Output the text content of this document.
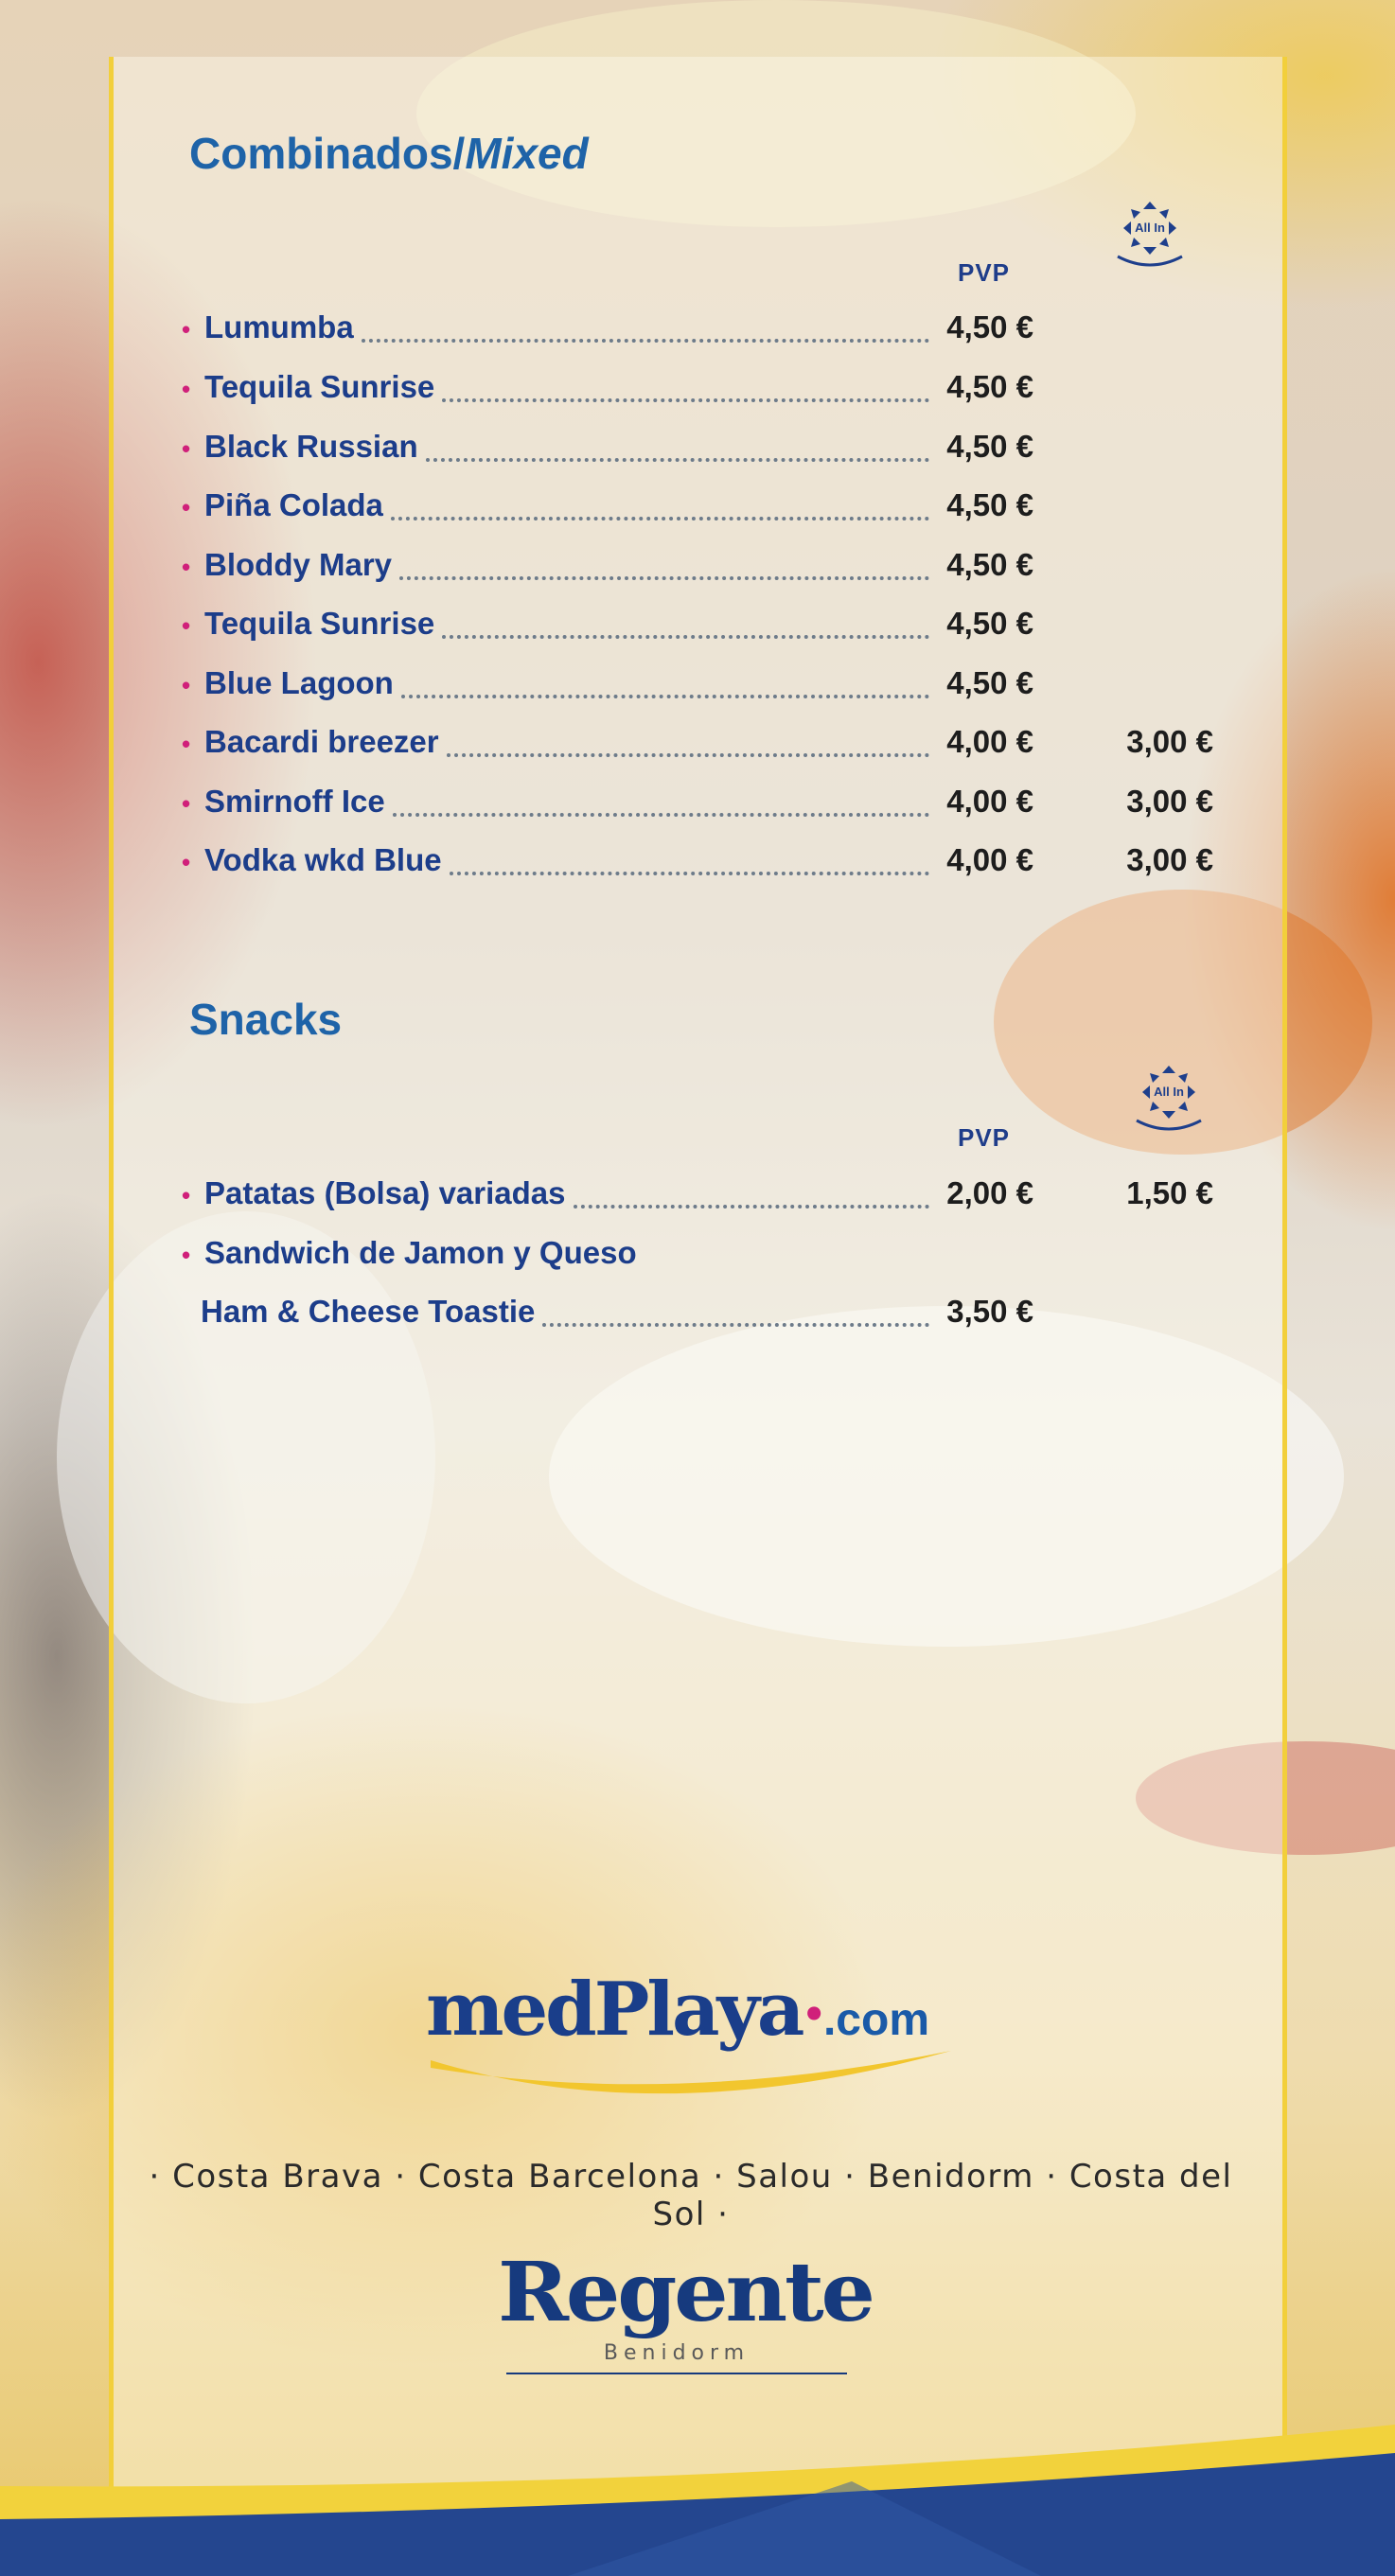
Combinados/Mixed
All In
PVP
• Lumumba	4,50 €
• Tequila Sunrise	4,50 €
• Black Russian	4,50 €
• Piña Colada	4,50 €
• Bloddy Mary	4,50 €
• Tequila Sunrise	4,50 €
• Blue Lagoon	4,50 €
• Bacardi breezer	4,00 €	3,00 €
• Smirnoff Ice	4,00 €	3,00 €
• Vodka wkd Blue	4,00 €	3,00 €
Snacks
All In
PVP
• Patatas (Bolsa) variadas	2,00 €	1,50 €
• Sandwich de Jamon y Queso
Ham & Cheese Toastie	3,50 €
medPlaya•.com
· Costa Brava · Costa Barcelona · Salou · Benidorm · Costa del Sol ·
Regente
Benidorm
